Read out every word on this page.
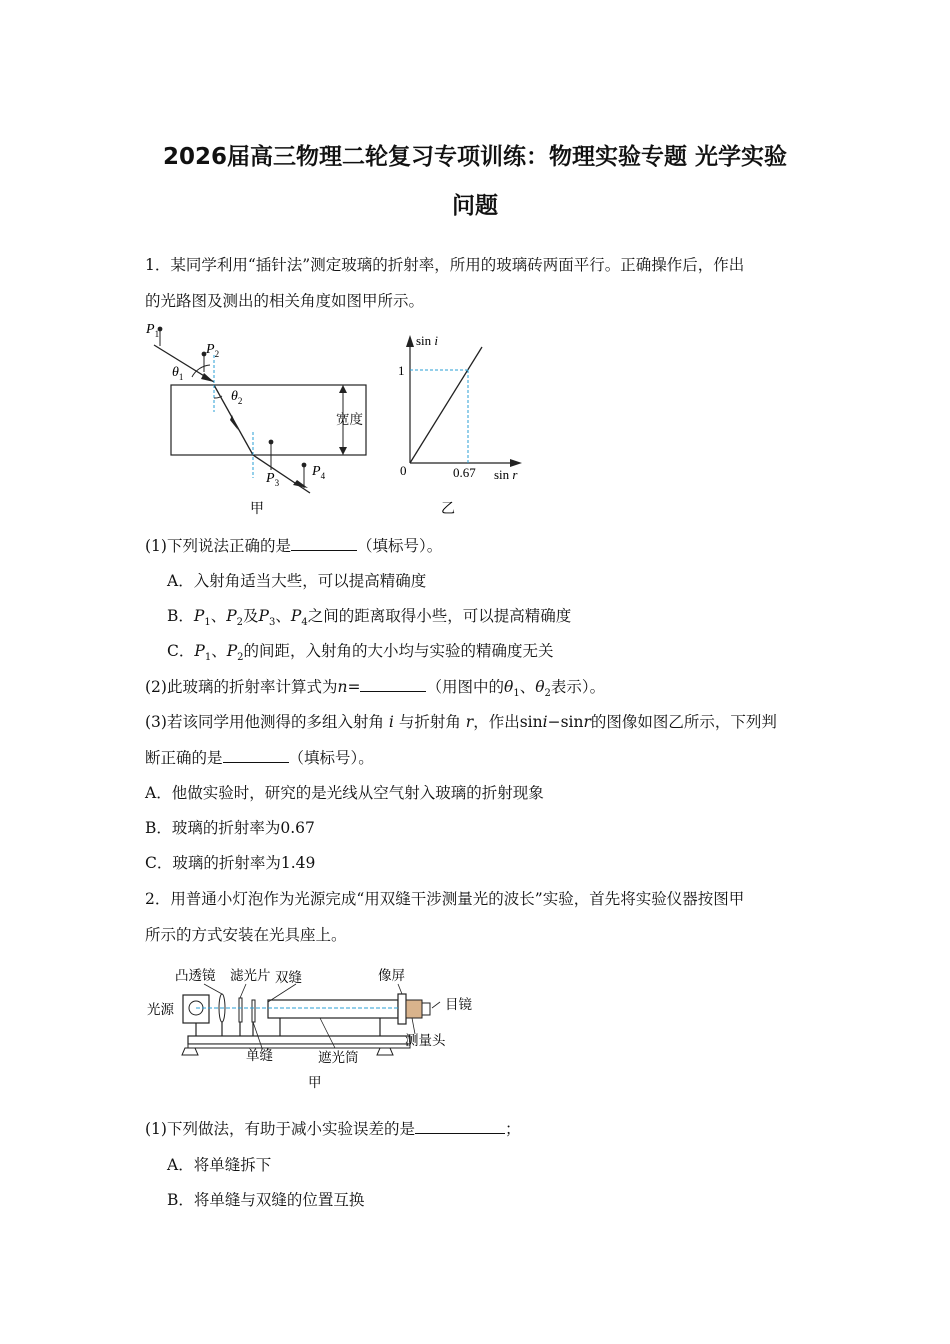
2026届高三物理二轮复习专项训练：物理实验专题 光学实验
问题
1．某同学利用“插针法”测定玻璃的折射率，所用的玻璃砖两面平行。正确操作后，作出
的光路图及测出的相关角度如图甲所示。
宽度
$P_1$
$P_2$
$P_3$
$P_4$
$\theta_1$
$\theta_2$
甲
sin i
sin r
0
1
0.67
乙
(1)下列说法正确的是	（填标号）。
A．入射角适当大些，可以提高精确度
B．$P_1$、$P_2$及$P_3$、$P_4$之间的距离取得小些，可以提高精确度
C．$P_1$、$P_2$的间距，入射角的大小均与实验的精确度无关
(2)此玻璃的折射率计算式为n=	（用图中的$\theta_1$、$\theta_2$表示）。
(3)若该同学用他测得的多组入射角 i 与折射角 r，作出sini−sinr的图像如图乙所示，下列判
断正确的是	（填标号）。
A．他做实验时，研究的是光线从空气射入玻璃的折射现象
B．玻璃的折射率为0.67
C．玻璃的折射率为1.49
2．用普通小灯泡作为光源完成“用双缝干涉测量光的波长”实验，首先将实验仪器按图甲
所示的方式安装在光具座上。
凸透镜 滤光片 双缝	像屏
光源	目镜
单缝	遮光筒
测量头
甲
(1)下列做法，有助于减小实验误差的是	；
A．将单缝拆下
B．将单缝与双缝的位置互换
